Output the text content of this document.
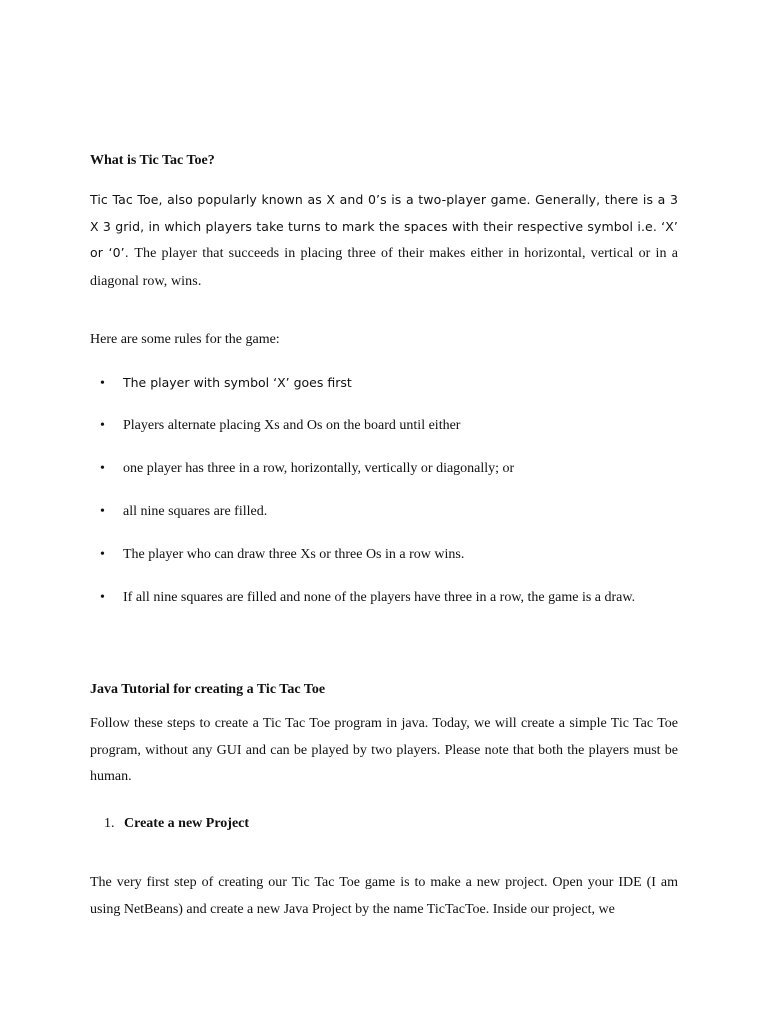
What is Tic Tac Toe?

Tic Tac Toe, also popularly known as X and 0’s is a two-player game. Generally, there is a 3 X 3 grid, in which players take turns to mark the spaces with their respective symbol i.e. ‘X’ or ‘0’. The player that succeeds in placing three of their makes either in horizontal, vertical or in a diagonal row, wins.

Here are some rules for the game:

• The player with symbol ‘X’ goes first
• Players alternate placing Xs and Os on the board until either
• one player has three in a row, horizontally, vertically or diagonally; or
• all nine squares are filled.
• The player who can draw three Xs or three Os in a row wins.
• If all nine squares are filled and none of the players have three in a row, the game is a draw.
Java Tutorial for creating a Tic Tac Toe

Follow these steps to create a Tic Tac Toe program in java. Today, we will create a simple Tic Tac Toe program, without any GUI and can be played by two players. Please note that both the players must be human.

1. Create a new Project

The very first step of creating our Tic Tac Toe game is to make a new project. Open your IDE (I am using NetBeans) and create a new Java Project by the name TicTacToe. Inside our project, we
